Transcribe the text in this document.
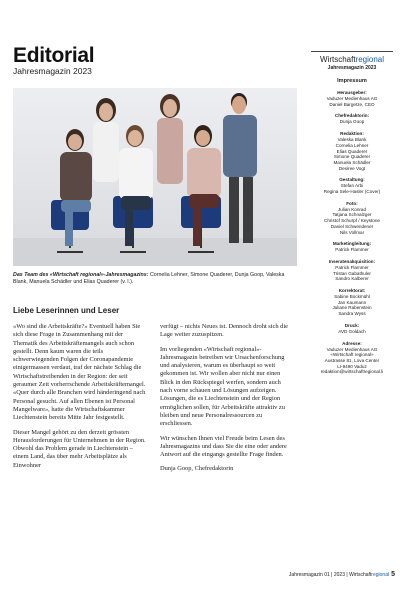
Editorial
Jahresmagazin 2023
Das Team des «Wirtschaft regional»-Jahresmagazins: Cornelia Lehner, Simone Quaderer, Dunja Goop, Valeska Blank, Manuela Schädler und Elias Quaderer (v. l.).
Liebe Leserinnen und Leser

«Wo sind die Arbeitskräfte?» Eventuell haben Sie sich diese Frage in Zusammenhang mit der Thematik des Arbeitskräftemangels auch schon gestellt. Denn kaum waren die teils schwerwiegenden Folgen der Coronapandemie einigermassen verdaut, traf der nächste Schlag die Wirtschaftstreibenden in der Region: der seit geraumer Zeit vorherrschende Arbeitskräftemangel. «Quer durch alle Branchen wird händeringend nach Personal gesucht. Auf allen Ebenen ist Personal Mangelware», hatte die Wirtschaftskammer Liechtenstein bereits Mitte Jahr festgestellt.

Dieser Mangel gehört zu den derzeit grössten Herausforderungen für Unternehmen in der Region. Obwohl das Problem gerade in Liechtenstein – einem Land, das über mehr Arbeitsplätze als Einwohner

verfügt – nichts Neues ist. Dennoch droht sich die Lage weiter zuzuspitzen.

Im vorliegenden «Wirtschaft regional»-Jahresmagazin betreiben wir Ursachenforschung und analysieren, warum es überhaupt so weit gekommen ist. Wir wollen aber nicht nur einen Blick in den Rückspiegel werfen, sondern auch nach vorne schauen und Lösungen aufzeigen. Lösungen, die es Liechtenstein und der Region ermöglichen sollen, für Arbeitskräfte attraktiv zu bleiben und neue Personalressourcen zu erschliessen.

Wir wünschen Ihnen viel Freude beim Lesen des Jahresmagazins und dass Sie die eine oder andere Antwort auf die eingangs gestellte Frage finden.

Dunja Goop, Chefredaktorin

Wirtschaftregional
Jahresmagazin 2023
Impressum
Herausgeber:
Vaduzer Medienhaus AG
Daniel Bargetze, CEO
Chefredaktorin:
Dunja Goop
Redaktion:
Valeska Blank
Cornelia Lehner
Elias Quaderer
Simone Quaderer
Manuela Schädler
Desiree Vogt
Gestaltung:
Stefan Arbi
Regina Sele-Hasler (Cover)
Foto:
Julian Konrad
Tatjana Schnalzger
Christof Schurpf / Keystone
Daniel Schwendener
Nils Vollmar
Marketingleitung:
Patrick Flammer
Inseratenakquisition:
Patrick Flammer
Tristan Gabathuler
Sandro Kalberer
Korrektorat:
Sabine Bockmühl
Jan Kaumann
Juliane Rabenstein
Sandra Wyss
Druck:
AVD Goldach
Adresse:
Vaduzer Medienhaus AG
«Wirtschaft regional»
Austrasse 81, Lova Center
LI-9490 Vaduz
redaktion@wirtschaftregional.li
Jahresmagazin 01 | 2023 | Wirtschaftregional 5
